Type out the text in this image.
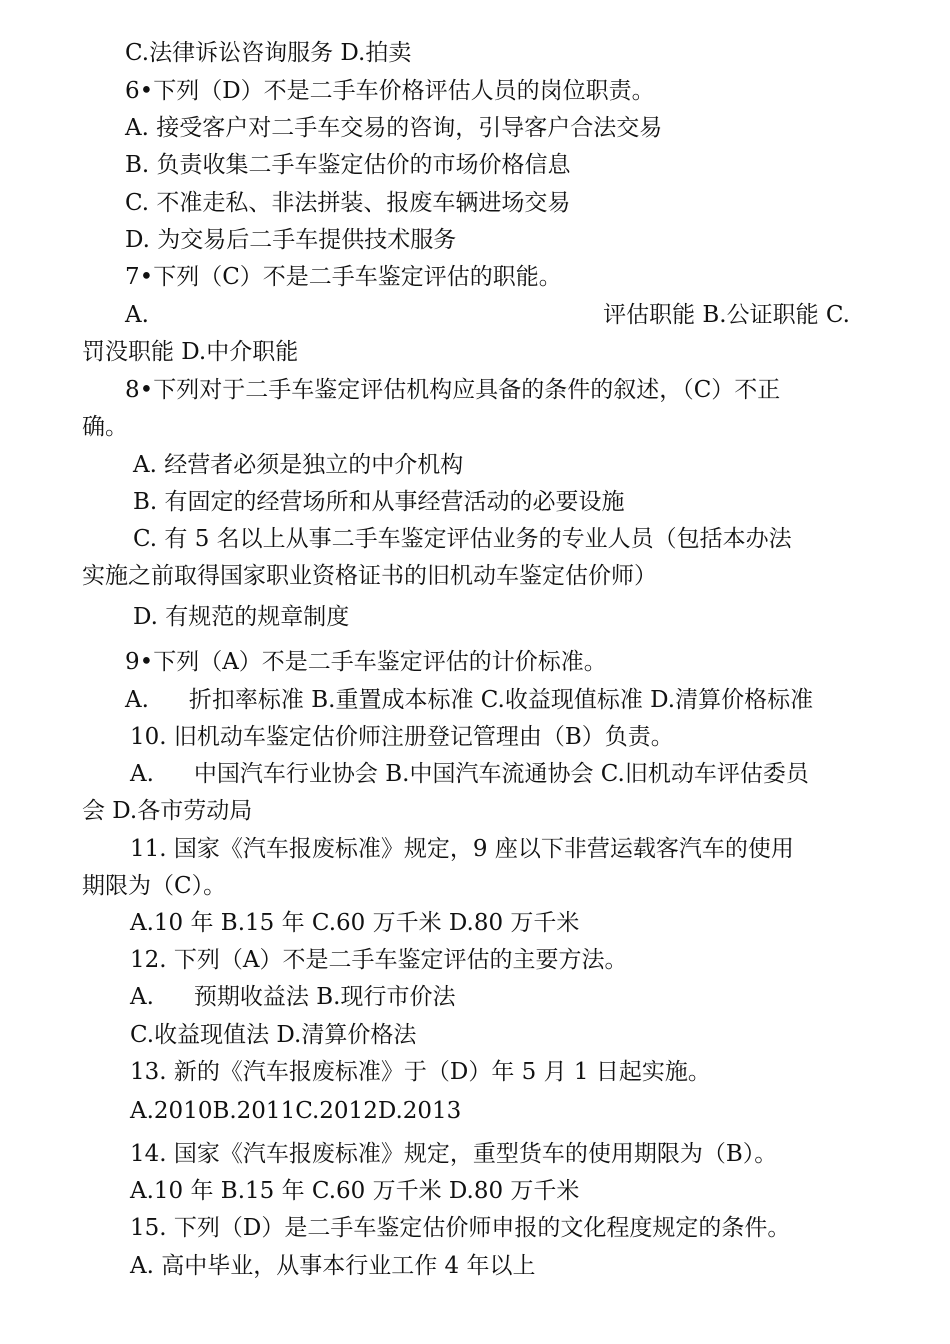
C.法律诉讼咨询服务 D.拍卖
6•下列（D）不是二手车价格评估人员的岗位职责。
A. 接受客户对二手车交易的咨询，引导客户合法交易
B. 负责收集二手车鉴定估价的市场价格信息
C. 不准走私、非法拼装、报废车辆进场交易
D. 为交易后二手车提供技术服务
7•下列（C）不是二手车鉴定评估的职能。
A.	评估职能 B.公证职能 C.
罚没职能 D.中介职能
8•下列对于二手车鉴定评估机构应具备的条件的叙述，（C）不正
确。
A. 经营者必须是独立的中介机构
B. 有固定的经营场所和从事经营活动的必要设施
C. 有 5 名以上从事二手车鉴定评估业务的专业人员（包括本办法
实施之前取得国家职业资格证书的旧机动车鉴定估价师）
D. 有规范的规章制度
9•下列（A）不是二手车鉴定评估的计价标准。
A. 折扣率标准 B.重置成本标准 C.收益现值标准 D.清算价格标准
10. 旧机动车鉴定估价师注册登记管理由（B）负责。
A. 中国汽车行业协会 B.中国汽车流通协会 C.旧机动车评估委员
会 D.各市劳动局
11. 国家《汽车报废标准》规定，9 座以下非营运载客汽车的使用
期限为（C）。
A.10 年 B.15 年 C.60 万千米 D.80 万千米
12. 下列（A）不是二手车鉴定评估的主要方法。
A. 预期收益法 B.现行市价法
C.收益现值法 D.清算价格法
13. 新的《汽车报废标准》于（D）年 5 月 1 日起实施。
A.2010B.2011C.2012D.2013
14. 国家《汽车报废标准》规定，重型货车的使用期限为（B）。
A.10 年 B.15 年 C.60 万千米 D.80 万千米
15. 下列（D）是二手车鉴定估价师申报的文化程度规定的条件。
A. 高中毕业，从事本行业工作 4 年以上
